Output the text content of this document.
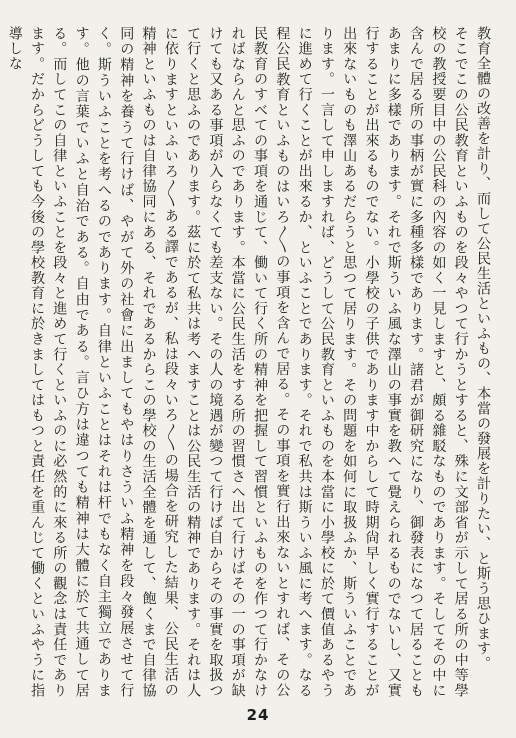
教育全體の改善を計り、而して公民生活といふもの、本當の發展を計りたい、と斯う思ひます。

そこでこの公民教育といふものを段々やつて行かうとすると、殊に文部省が示して居る所の中等學校の教授要目中の公民科の內容の如く一見しますと、頗る雜駁なものであります。そしてその中に含んで居る所の事柄が實に多種多樣であります。諸君が御研究になり、御發表になつて居ることもあまりに多樣であります。それで斯ういふ風な澤山の事實を教へて覺えられるものでないし、又實行することが出來るものでない。小學校の子供であります中からして時期尙早しく實行することが出來ないものも澤山あるだらうと思つて居ります。その問題を如何に取扱ふか、斯ういふことであります。一言して申しますれば、どうして公民教育といふものを本當に小學校に於て價值あるやうに進めて行くことが出來るか、といふことであります。それで私共は斯ういふ風に考へます。なる程公民教育といふものはいろ〳〵の事項を含んで居る。その事項を實行出來ないとすれば、その公民教育のすべての事項を通じて、働いて行く所の精神を把握して習慣といふものを作つて行かなければならんと思ふのであります。本當に公民生活をする所の習慣さへ出て行けばその一の事項が缺けても又ある事項が入らなくても差支ない。その人の境遇が變つて行けば自からその事實を取扱つて行くと思ふのであります。茲に於て私共は考へますことは公民生活の精神であります。それは人に依りますといふいろ〳〵ある譯であるが、私は段々いろ〳〵の場合を研究した結果、公民生活の精神といふものは自律協同にある、それであるからこの學校の生活全體を通して、飽くまで自律協同の精神を養うて行けば、やがて外の社會に出ましてもやはりさういふ精神を段々發展させて行く。斯ういふことを考へるのであります。自律といふことはそれは杆でもなく自主獨立であります。他の言葉でいふと自治である。自由である。言ひ方は違つても精神は大體に於て共通して居る。而してこの自律といふことを段々と進めて行くといふのに必然的に來る所の觀念は責任であります。だからどうしても今後の學校教育に於きましてはもつと責任を重んじて働くといふやうに指導しな

24
